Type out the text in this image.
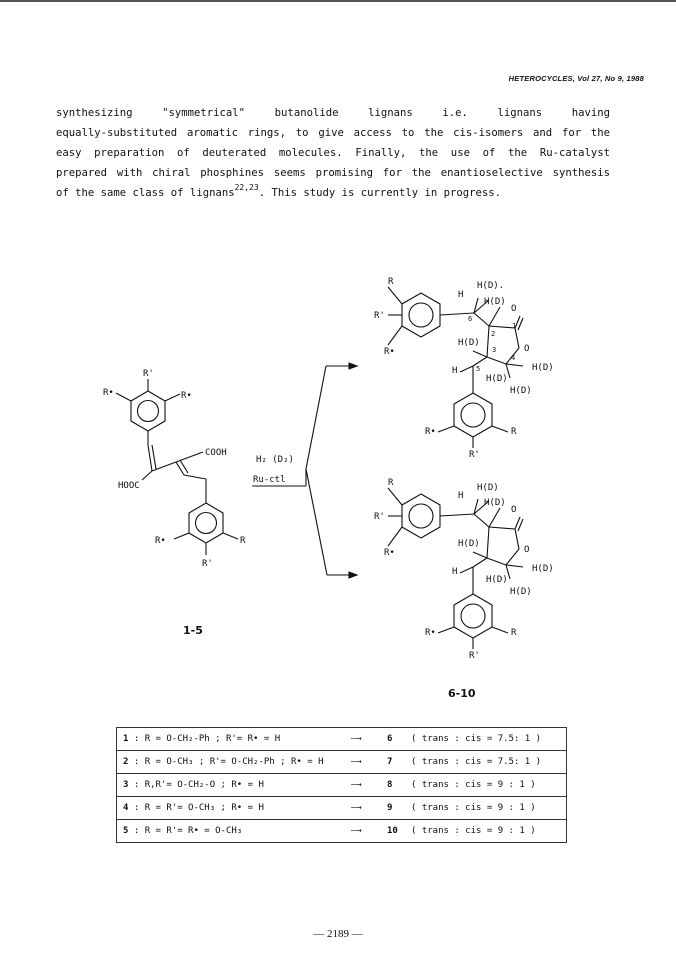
HETEROCYCLES, Vol 27, No 9, 1988
synthesizing "symmetrical" butanolide lignans i.e. lignans having
equally-substituted aromatic rings, to give access to the cis-isomers and for the
easy preparation of deuterated molecules. Finally, the use of the Ru-catalyst
prepared with chiral phosphines seems promising for the enantioselective synthesis
of the same class of lignans$^{22,23}$. This study is currently in progress.
R'
R•	R•
COOH
HOOC
R•	R
R'
H₂ (D₂)
Ru-ctl
R
R'
R•
H
H(D).
H(D)
O
O
H(D)
H
H(D)
H(D)
H(D)
6
2
1
3
4
5
R•	R
R'
R
R'
R•
H
H(D)
H(D)
O
O
H(D)
H
H(D)
H(D)
H(D)
R•	R
R'
1-5
6-10
1 : R = O-CH₂-Ph ; R'= R• = H	—→	6	( trans : cis = 7.5: 1 )

2 : R = O-CH₃ ; R'= O-CH₂-Ph ; R• = H	—→	7	( trans : cis = 7.5: 1 )

3 : R,R'= O-CH₂-O ; R• = H	—→	8	( trans : cis = 9 : 1 )

4 : R = R'= O-CH₃ ; R• = H	—→	9	( trans : cis = 9 : 1 )

5 : R = R'= R• = O-CH₃	—→	10	( trans : cis = 9 : 1 )
— 2189 —
